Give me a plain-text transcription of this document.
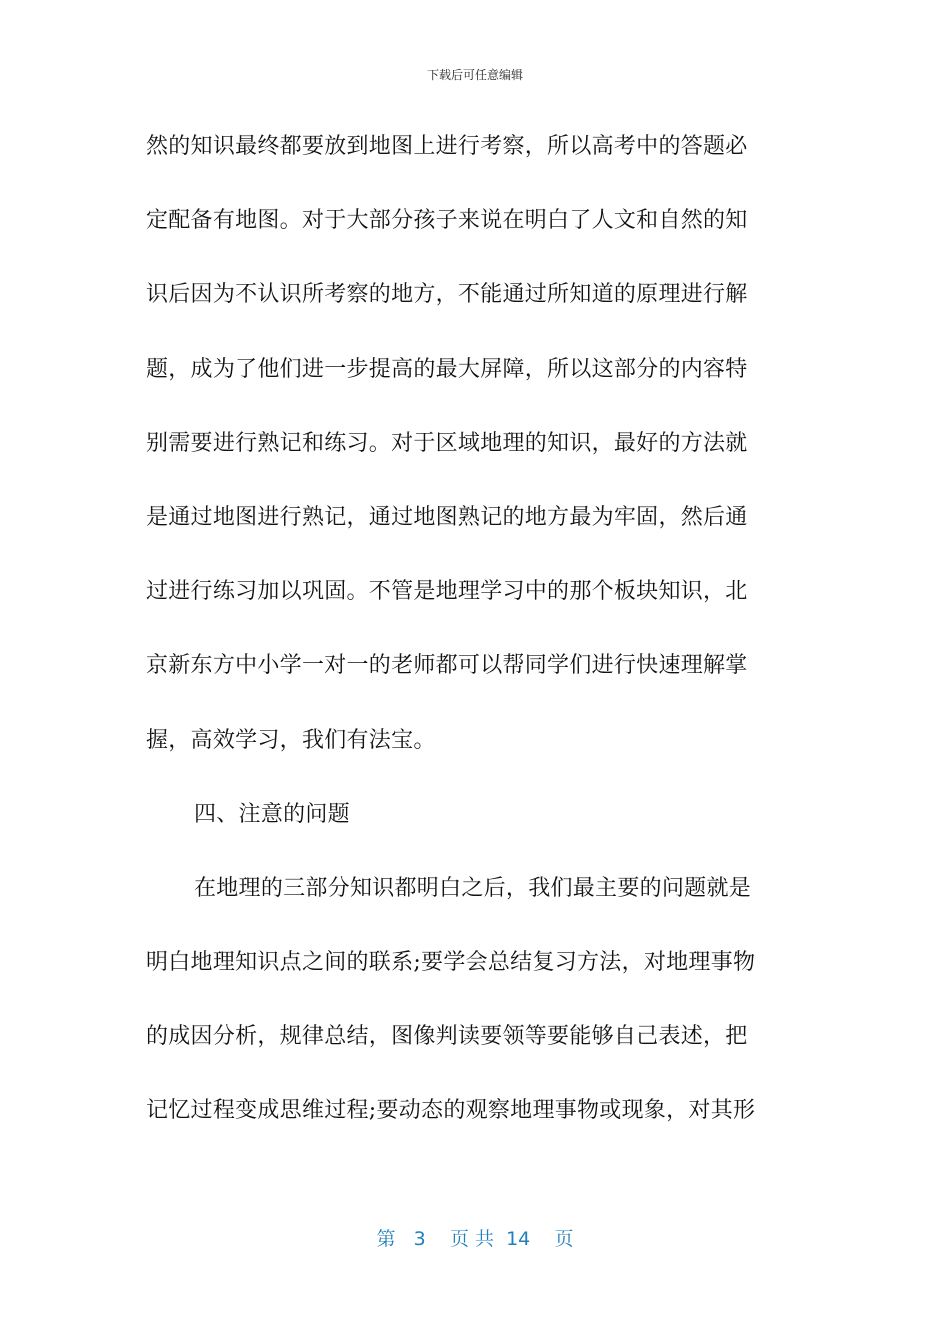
下载后可任意编辑
然的知识最终都要放到地图上进行考察，所以高考中的答题必
定配备有地图。对于大部分孩子来说在明白了人文和自然的知
识后因为不认识所考察的地方，不能通过所知道的原理进行解
题，成为了他们进一步提高的最大屏障，所以这部分的内容特
别需要进行熟记和练习。对于区域地理的知识，最好的方法就
是通过地图进行熟记，通过地图熟记的地方最为牢固，然后通
过进行练习加以巩固。不管是地理学习中的那个板块知识，北
京新东方中小学一对一的老师都可以帮同学们进行快速理解掌
握，高效学习，我们有法宝。
四、注意的问题
在地理的三部分知识都明白之后，我们最主要的问题就是
明白地理知识点之间的联系;要学会总结复习方法，对地理事物
的成因分析，规律总结，图像判读要领等要能够自己表述，把
记忆过程变成思维过程;要动态的观察地理事物或现象，对其形
第 3 页 共 14 页
